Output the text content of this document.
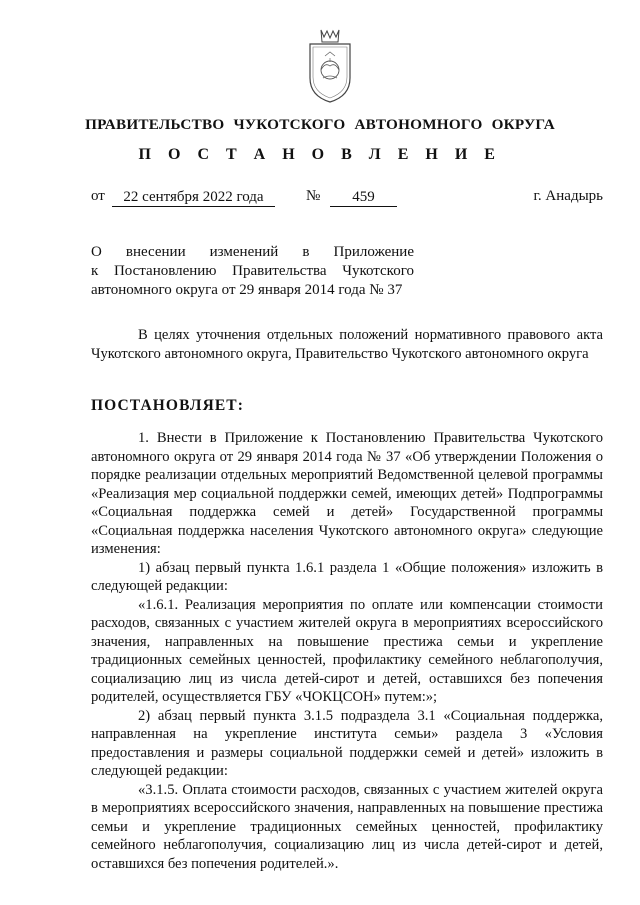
ПРАВИТЕЛЬСТВО ЧУКОТСКОГО АВТОНОМНОГО ОКРУГА
П О С Т А Н О В Л Е Н И Е
от	22 сентября 2022 года	№	459	г. Анадырь
О внесении изменений в Приложение
к Постановлению Правительства Чукотского
автономного округа от 29 января 2014 года № 37

В целях уточнения отдельных положений нормативного правового акта Чукотского автономного округа, Правительство Чукотского автономного округа

ПОСТАНОВЛЯЕТ:

1. Внести в Приложение к Постановлению Правительства Чукотского автономного округа от 29 января 2014 года № 37 «Об утверждении Положения о порядке реализации отдельных мероприятий Ведомственной целевой программы «Реализация мер социальной поддержки семей, имеющих детей» Подпрограммы «Социальная поддержка семей и детей» Государственной программы «Социальная поддержка населения Чукотского автономного округа» следующие изменения:

1) абзац первый пункта 1.6.1 раздела 1 «Общие положения» изложить в следующей редакции:

«1.6.1. Реализация мероприятия по оплате или компенсации стоимости расходов, связанных с участием жителей округа в мероприятиях всероссийского значения, направленных на повышение престижа семьи и укрепление традиционных семейных ценностей, профилактику семейного неблагополучия, социализацию лиц из числа детей-сирот и детей, оставшихся без попечения родителей, осуществляется ГБУ «ЧОКЦСОН» путем:»;

2) абзац первый пункта 3.1.5 подраздела 3.1 «Социальная поддержка, направленная на укрепление института семьи» раздела 3 «Условия предоставления и размеры социальной поддержки семей и детей» изложить в следующей редакции:

«3.1.5. Оплата стоимости расходов, связанных с участием жителей округа в мероприятиях всероссийского значения, направленных на повышение престижа семьи и укрепление традиционных семейных ценностей, профилактику семейного неблагополучия, социализацию лиц из числа детей-сирот и детей, оставшихся без попечения родителей.».
